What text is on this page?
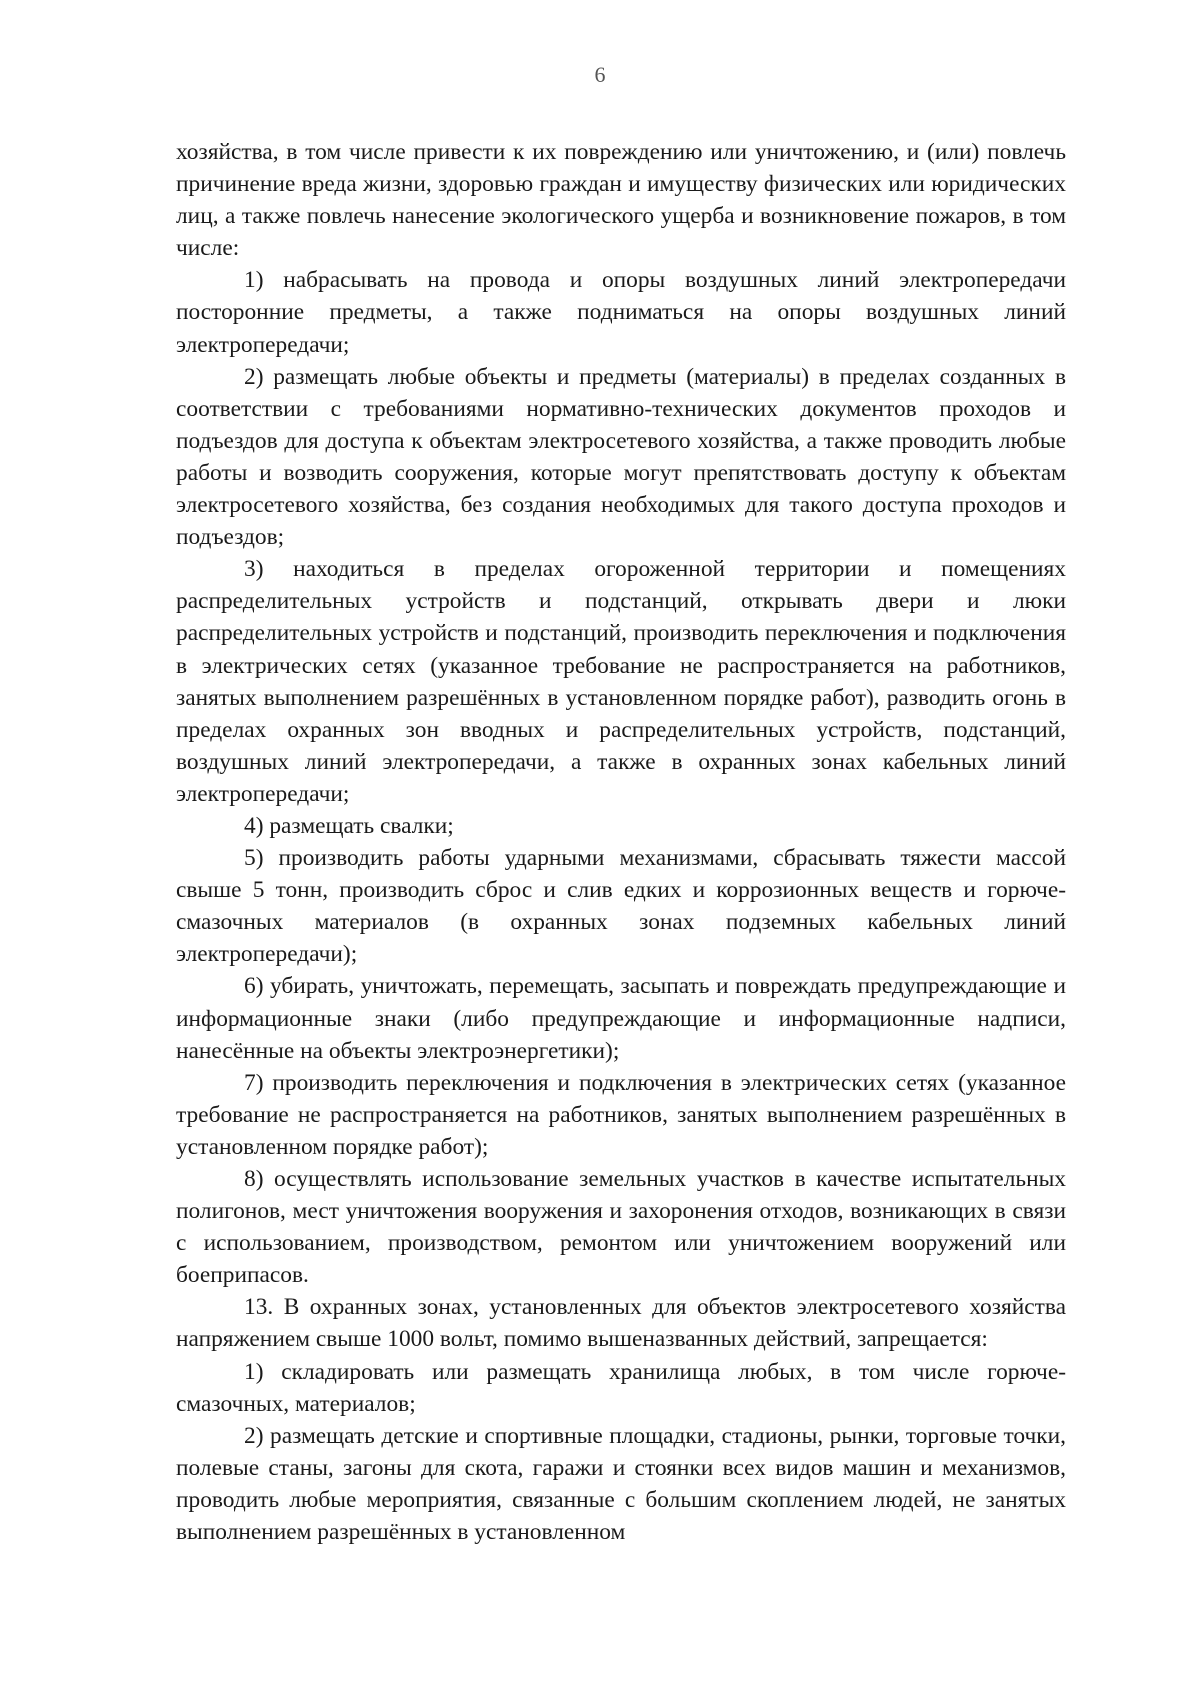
6

хозяйства, в том числе привести к их повреждению или уничтожению, и (или) повлечь причинение вреда жизни, здоровью граждан и имуществу физических или юридических лиц, а также повлечь нанесение экологического ущерба и возникновение пожаров, в том числе:

1) набрасывать на провода и опоры воздушных линий электропередачи посторонние предметы, а также подниматься на опоры воздушных линий электропередачи;

2) размещать любые объекты и предметы (материалы) в пределах созданных в соответствии с требованиями нормативно-технических документов проходов и подъездов для доступа к объектам электросетевого хозяйства, а также проводить любые работы и возводить сооружения, которые могут препятствовать доступу к объектам электросетевого хозяйства, без создания необходимых для такого доступа проходов и подъездов;

3) находиться в пределах огороженной территории и помещениях распределительных устройств и подстанций, открывать двери и люки распределительных устройств и подстанций, производить переключения и подключения в электрических сетях (указанное требование не распространяется на работников, занятых выполнением разрешённых в установленном порядке работ), разводить огонь в пределах охранных зон вводных и распределительных устройств, подстанций, воздушных линий электропередачи, а также в охранных зонах кабельных линий электропередачи;

4) размещать свалки;

5) производить работы ударными механизмами, сбрасывать тяжести массой свыше 5 тонн, производить сброс и слив едких и коррозионных веществ и горюче-смазочных материалов (в охранных зонах подземных кабельных линий электропередачи);

6) убирать, уничтожать, перемещать, засыпать и повреждать предупреждающие и информационные знаки (либо предупреждающие и информационные надписи, нанесённые на объекты электроэнергетики);

7) производить переключения и подключения в электрических сетях (указанное требование не распространяется на работников, занятых выполнением разрешённых в установленном порядке работ);

8) осуществлять использование земельных участков в качестве испытательных полигонов, мест уничтожения вооружения и захоронения отходов, возникающих в связи с использованием, производством, ремонтом или уничтожением вооружений или боеприпасов.

13. В охранных зонах, установленных для объектов электросетевого хозяйства напряжением свыше 1000 вольт, помимо вышеназванных действий, запрещается:

1) складировать или размещать хранилища любых, в том числе горюче-смазочных, материалов;

2) размещать детские и спортивные площадки, стадионы, рынки, торговые точки, полевые станы, загоны для скота, гаражи и стоянки всех видов машин и механизмов, проводить любые мероприятия, связанные с большим скоплением людей, не занятых выполнением разрешённых в установленном
